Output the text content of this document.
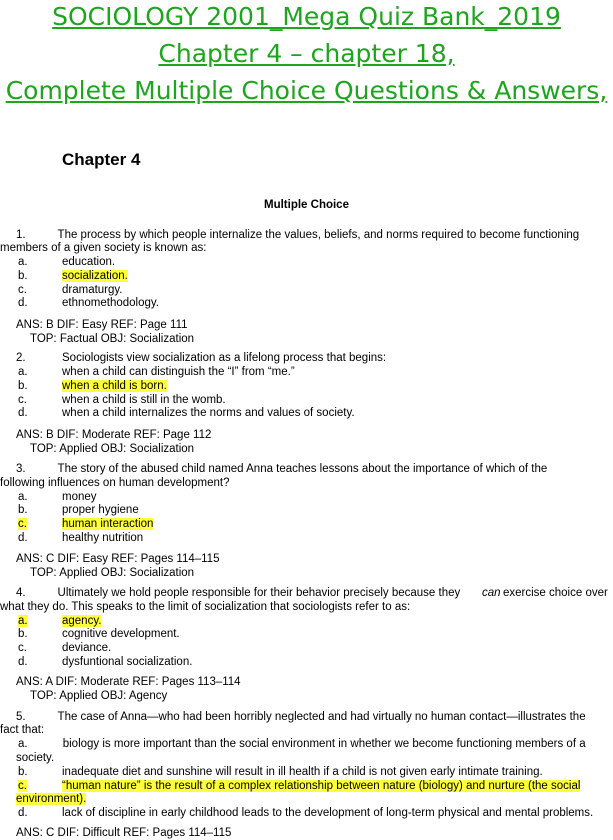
SOCIOLOGY 2001_Mega Quiz Bank_2019
Chapter 4 – chapter 18,
Complete Multiple Choice Questions & Answers,
Chapter 4
Multiple Choice
1.          The process by which people internalize the values, beliefs, and norms required to become functioning
members of a given society is known as:
a.	education.
b.	socialization.
c.	dramaturgy.
d.	ethnomethodology.
ANS: B DIF: Easy REF: Page 111
TOP: Factual OBJ: Socialization
2.	Sociologists view socialization as a lifelong process that begins:
a.	when a child can distinguish the “I” from “me.”
b.	when a child is born.
c.	when a child is still in the womb.
d.	when a child internalizes the norms and values of society.
ANS: B DIF: Moderate REF: Page 112
TOP: Applied OBJ: Socialization
3.          The story of the abused child named Anna teaches lessons about the importance of which of the
following influences on human development?
a.	money
b.	proper hygiene
c.	human interaction
d.	healthy nutrition
ANS: C DIF: Easy REF: Pages 114–115
TOP: Applied OBJ: Socialization
4.          Ultimately we hold people responsible for their behavior precisely because they can exercise choice over
what they do. This speaks to the limit of socialization that sociologists refer to as:
a.	agency.
b.	cognitive development.
c.	deviance.
d.	dysfuntional socialization.
ANS: A DIF: Moderate REF: Pages 113–114
TOP: Applied OBJ: Agency
5.          The case of Anna—who had been horribly neglected and had virtually no human contact—illustrates the
fact that:
a.           biology is more important than the social environment in whether we become functioning members of a
society.
b.	inadequate diet and sunshine will result in ill health if a child is not given early intimate training.
c.	“human nature” is the result of a complex relationship between nature (biology) and nurture (the social
environment).
d.	lack of discipline in early childhood leads to the development of long-term physical and mental problems.
ANS: C DIF: Difficult REF: Pages 114–115
